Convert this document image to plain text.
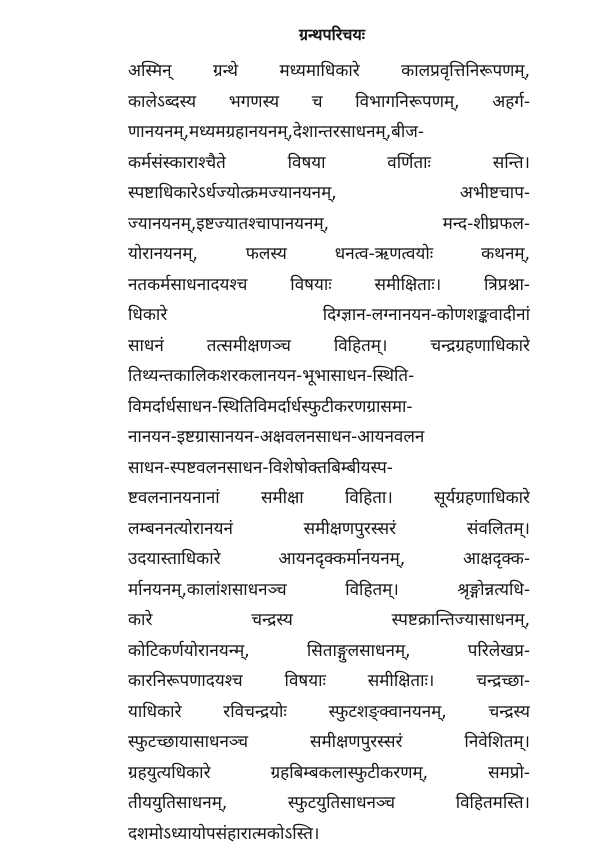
ग्रन्थपरिचयः
अस्मिन् ग्रन्थे मध्यमाधिकारे कालप्रवृत्तिनिरूपणम्,
कालेऽब्दस्य भगणस्य च विभागनिरूपणम्, अहर्ग-
णानयनम्,मध्यमग्रहानयनम्,देशान्तरसाधनम्,बीज-
कर्मसंस्काराश्चैते विषया वर्णिताः सन्ति।
स्पष्टाधिकारेऽर्धज्योत्क्रमज्यानयनम्, अभीष्टचाप-
ज्यानयनम्,इष्टज्यातश्चापानयनम्, मन्द-शीघ्रफल-
योरानयनम्, फलस्य धनत्व-ऋणत्वयोः कथनम्,
नतकर्मसाधनादयश्च विषयाः समीक्षिताः। त्रिप्रश्ना-
धिकारे दिग्ज्ञान-लग्नानयन-कोणशङ्कवादीनां
साधनं तत्समीक्षणञ्च विहितम्। चन्द्रग्रहणाधिकारे
तिथ्यन्तकालिकशरकलानयन-भूभासाधन-स्थिति-
विमर्दार्धसाधन-स्थितिविमर्दार्धस्फुटीकरणग्रासमा-
नानयन-इष्टग्रासानयन-अक्षवलनसाधन-आयनवलन
साधन-स्पष्टवलनसाधन-विशेषोक्तबिम्बीयस्प-
ष्टवलनानयनानां समीक्षा विहिता। सूर्यग्रहणाधिकारे
लम्बननत्योरानयनं समीक्षणपुरस्सरं संवलितम्।
उदयास्ताधिकारे आयनदृक्कर्मानयनम्, आक्षदृक्क-
र्मानयनम्,कालांशसाधनञ्च विहितम्। श्रृङ्गोन्नत्यधि-
कारे चन्द्रस्य स्पष्टक्रान्तिज्यासाधनम्,
कोटिकर्णयोरानयन्म्, सिताङ्गुलसाधनम्, परिलेखप्र-
कारनिरूपणादयश्च विषयाः समीक्षिताः। चन्द्रच्छा-
याधिकारे रविचन्द्रयोः स्फुटशङ्क्वानयनम्, चन्द्रस्य
स्फुटच्छायासाधनञ्च समीक्षणपुरस्सरं निवेशितम्।
ग्रहयुत्यधिकारे ग्रहबिम्बकलास्फुटीकरणम्, समप्रो-
तीययुतिसाधनम्, स्फुटयुतिसाधनञ्च विहितमस्ति।
दशमोऽध्यायोपसंहारात्मकोऽस्ति।
